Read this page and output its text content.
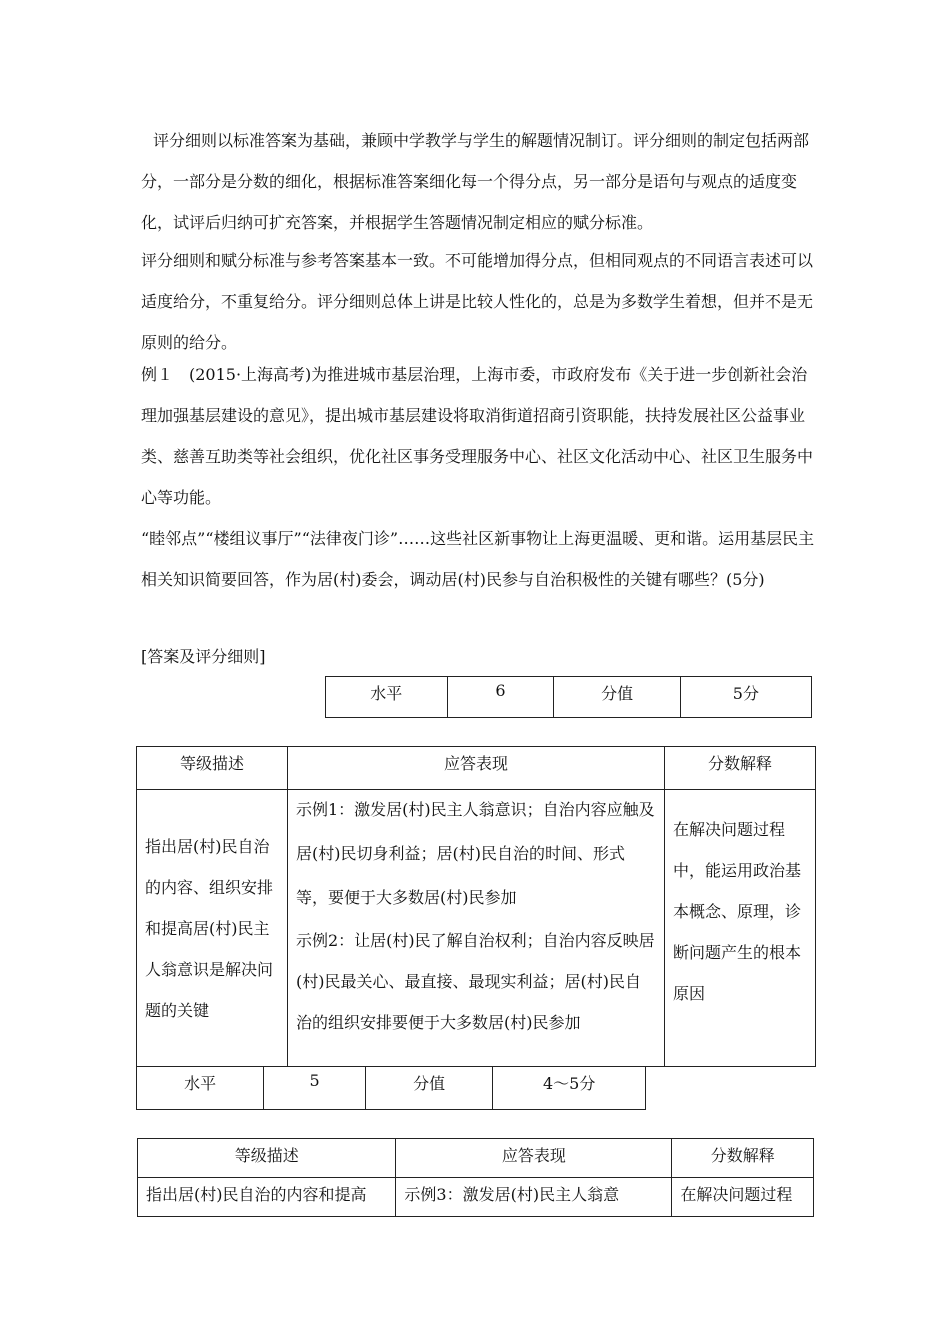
评分细则以标准答案为基础，兼顾中学教学与学生的解题情况制订。评分细则的制定包括两部分，一部分是分数的细化，根据标准答案细化每一个得分点，另一部分是语句与观点的适度变化，试评后归纳可扩充答案，并根据学生答题情况制定相应的赋分标准。

评分细则和赋分标准与参考答案基本一致。不可能增加得分点，但相同观点的不同语言表述可以适度给分，不重复给分。评分细则总体上讲是比较人性化的，总是为多数学生着想，但并不是无原则的给分。

例１　(2015·上海高考)为推进城市基层治理，上海市委，市政府发布《关于进一步创新社会治理加强基层建设的意见》，提出城市基层建设将取消街道招商引资职能，扶持发展社区公益事业类、慈善互助类等社会组织，优化社区事务受理服务中心、社区文化活动中心、社区卫生服务中心等功能。

“睦邻点”“楼组议事厅”“法律夜门诊”……这些社区新事物让上海更温暖、更和谐。运用基层民主相关知识简要回答，作为居(村)委会，调动居(村)民参与自治积极性的关键有哪些？(5分)

[答案及评分细则]

水平	6	分值	5分
等级描述	应答表现	分数解释

指出居(村)民自治的内容、组织安排和提高居(村)民主人翁意识是解决问题的关键	示例1：激发居(村)民主人翁意识；自治内容应触及居(村)民切身利益；居(村)民自治的时间、形式等，要便于大多数居(村)民参加
示例2：让居(村)民了解自治权利；自治内容反映居(村)民最关心、最直接、最现实利益；居(村)民自治的组织安排要便于大多数居(村)民参加	在解决问题过程中，能运用政治基本概念、原理，诊断问题产生的根本原因
水平	5	分值	4～5分
等级描述	应答表现	分数解释
指出居(村)民自治的内容和提高	示例3：激发居(村)民主人翁意	在解决问题过程
